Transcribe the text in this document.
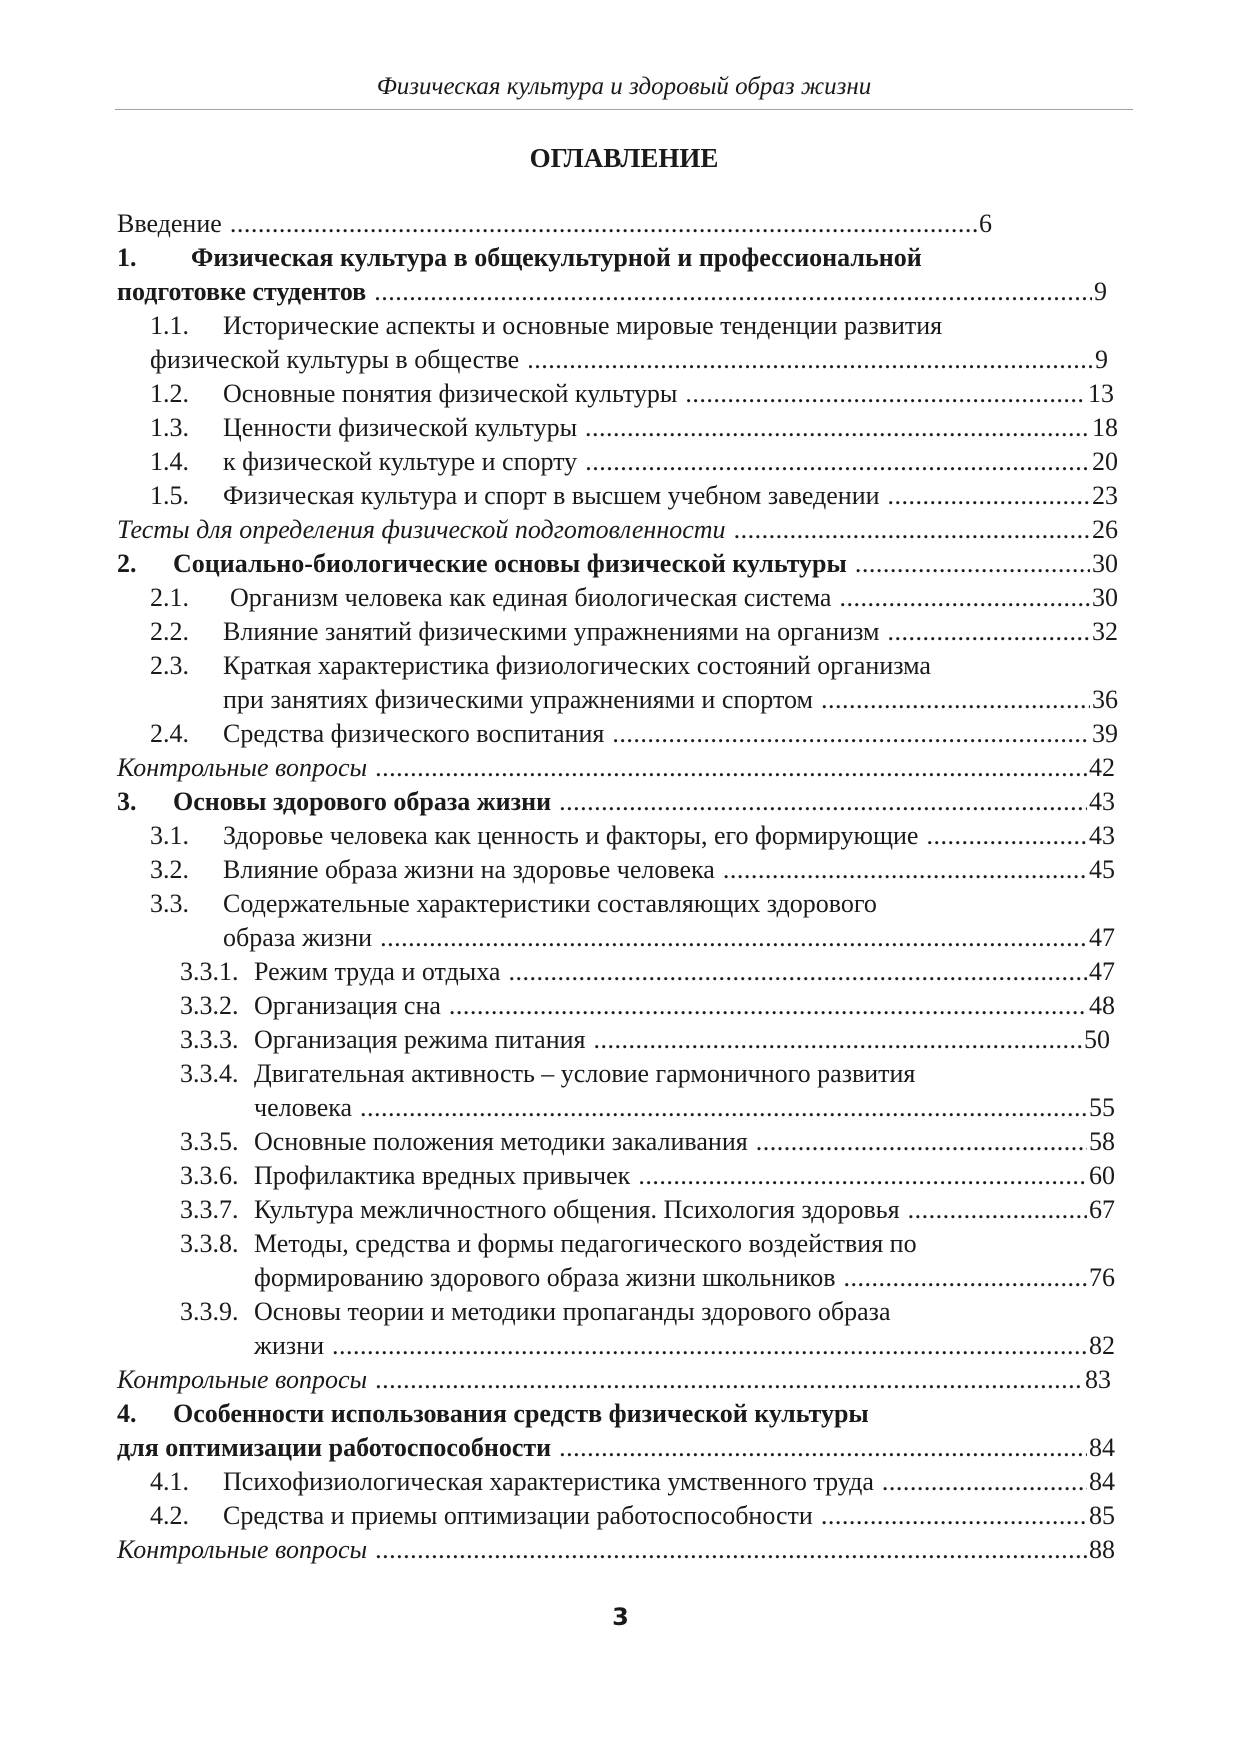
Физическая культура и здоровый образ жизни
ОГЛАВЛЕНИЕ
Введение .....	6
1.	Физическая культура в общекультурной и профессиональной
подготовке студентов .....	9
1.1.	Исторические аспекты и основные мировые тенденции развития
физической культуры в обществе .....	9
1.2.	Основные понятия физической культуры .....	13
1.3.	Ценности физической культуры .....	18
1.4.	к физической культуре и спорту .....	20
1.5.	Физическая культура и спорт в высшем учебном заведении .....	23
Тесты для определения физической подготовленности .....	26
2.	Социально-биологические основы физической культуры .....	30
2.1.	Организм человека как единая биологическая система .....	30
2.2.	Влияние занятий физическими упражнениями на организм .....	32
2.3.	Краткая характеристика физиологических состояний организма
при занятиях физическими упражнениями и спортом .....	36
2.4.	Средства физического воспитания .....	39
Контрольные вопросы .....	42
3.	Основы здорового образа жизни .....	43
3.1.	Здоровье человека как ценность и факторы, его формирующие .....	43
3.2.	Влияние образа жизни на здоровье человека .....	45
3.3.	Содержательные характеристики составляющих здорового
образа жизни .....	47
3.3.1. Режим труда и отдыха .....	47
3.3.2. Организация сна .....	48
3.3.3. Организация режима питания .....	50
3.3.4. Двигательная активность – условие гармоничного развития
человека .....	55
3.3.5. Основные положения методики закаливания .....	58
3.3.6. Профилактика вредных привычек .....	60
3.3.7. Культура межличностного общения. Психология здоровья .....	67
3.3.8. Методы, средства и формы педагогического воздействия по
формированию здорового образа жизни школьников .....	76
3.3.9. Основы теории и методики пропаганды здорового образа
жизни .....	82
Контрольные вопросы .....	83
4.	Особенности использования средств физической культуры
для оптимизации работоспособности .....	84
4.1.	Психофизиологическая характеристика умственного труда .....	84
4.2.	Средства и приемы оптимизации работоспособности .....	85
Контрольные вопросы .....	88
3
